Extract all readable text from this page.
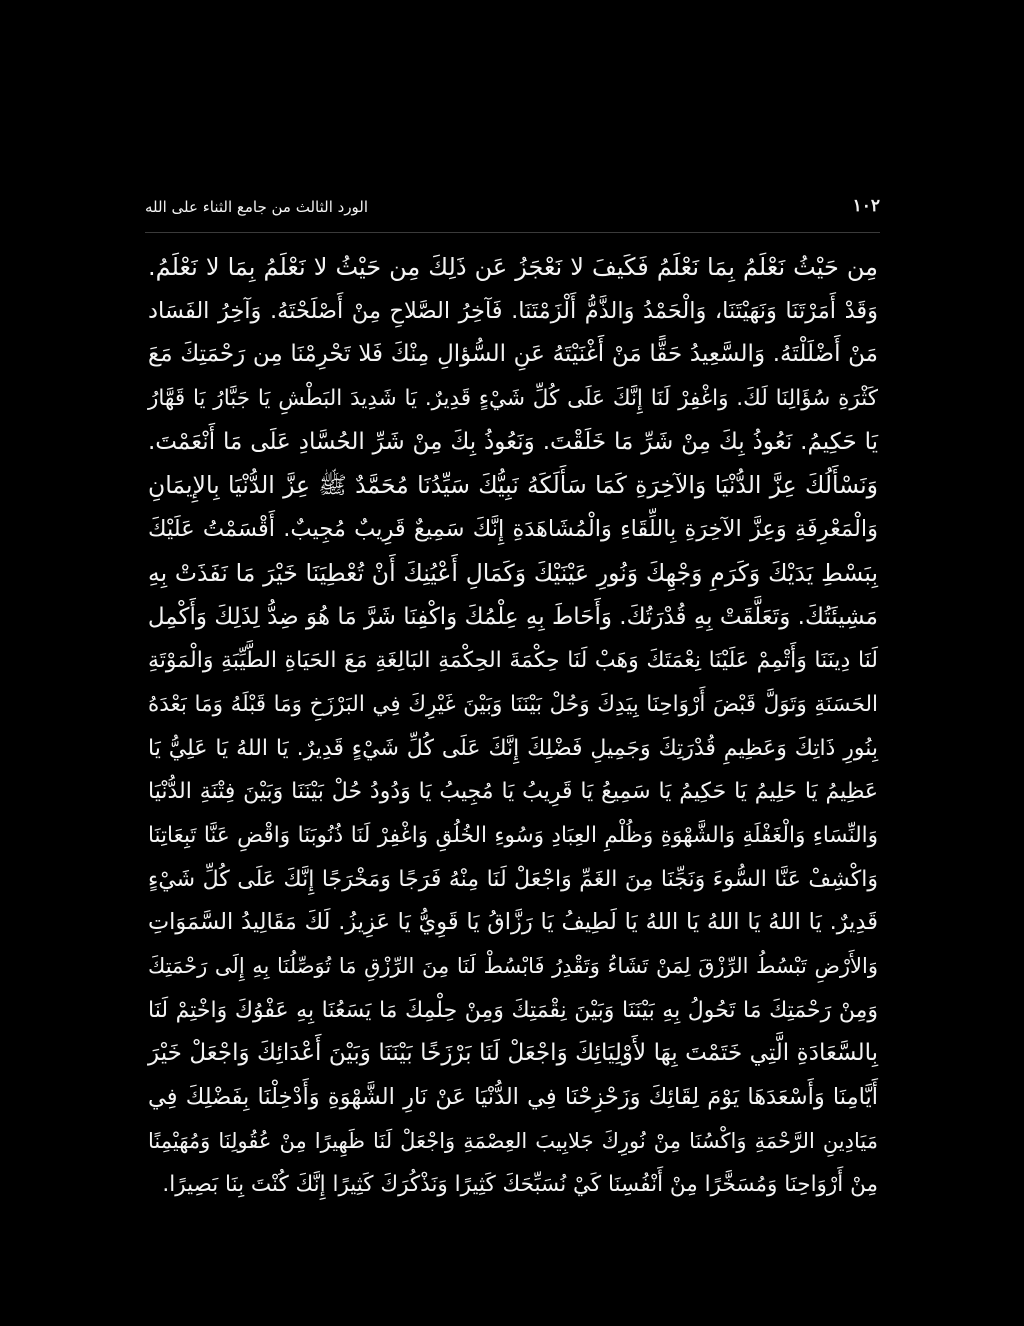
١٠٢
الورد الثالث من جامع الثناء على الله
مِن حَيْثُ نَعْلَمُ بِمَا نَعْلَمُ فَكَيفَ لا نَعْجَزُ عَن ذَلِكَ مِن حَيْثُ لا نَعْلَمُ بِمَا لا نَعْلَمُ.
وَقَدْ أَمَرْتَنَا وَنَهَيْتَنَا، وَالْحَمْدُ وَالذَّمُّ أَلْزَمْتَنَا. فَآخِرُ الصَّلاحِ مِنْ أَصْلَحْتَهُ. وَآخِرُ الفَسَاد
مَنْ أَضْلَلْتَهُ. وَالسَّعِيدُ حَقًّا مَنْ أَغْنَيْتَهُ عَنِ السُّؤالِ مِنْكَ فَلا تَحْرِمْنَا مِن رَحْمَتِكَ مَعَ
كَثْرَةِ سُؤَالِنَا لَكَ. وَاغْفِرْ لَنَا إِنَّكَ عَلَى كُلِّ شَيْءٍ قَدِيرٌ. يَا شَدِيدَ البَطْشِ يَا جَبَّارُ يَا قَهَّارُ
يَا حَكِيمُ. نَعُوذُ بِكَ مِنْ شَرِّ مَا خَلَقْتَ. وَنَعُوذُ بِكَ مِنْ شَرِّ الحُسَّادِ عَلَى مَا أَنْعَمْتَ.
وَنَسْأَلُكَ عِزَّ الدُّنْيَا وَالآخِرَةِ كَمَا سَأَلَكَهُ نَبِيُّكَ سَيِّدُنَا مُحَمَّدٌ ﷺ عِزَّ الدُّنْيَا بِالإِيمَانِ
وَالْمَعْرِفَةِ وَعِزَّ الآخِرَةِ بِاللِّقَاءِ وَالْمُشَاهَدَةِ إِنَّكَ سَمِيعٌ قَرِيبٌ مُجِيبٌ. أَقْسَمْتُ عَلَيْكَ
بِبَسْطِ يَدَيْكَ وَكَرَمِ وَجْهِكَ وَنُورِ عَيْنَيْكَ وَكَمَالِ أَعْيُنِكَ أَنْ تُعْطِيَنَا خَيْرَ مَا نَفَذَتْ بِهِ
مَشِيئَتُكَ. وَتَعَلَّقَتْ بِهِ قُدْرَتُكَ. وَأَحَاطَ بِهِ عِلْمُكَ وَاكْفِنَا شَرَّ مَا هُوَ ضِدُّ لِذَلِكَ وَأَكْمِل
لَنَا دِينَنَا وَأَتْمِمْ عَلَيْنَا نِعْمَتَكَ وَهَبْ لَنَا حِكْمَةَ الحِكْمَةِ البَالِغَةِ مَعَ الحَيَاةِ الطَّيِّبَةِ وَالْمَوْتَةِ
الحَسَنَةِ وَتَوَلَّ قَبْضَ أَرْوَاحِنَا بِيَدِكَ وَحُلْ بَيْنَنَا وَبَيْنَ غَيْرِكَ فِي البَرْزَخِ وَمَا قَبْلَهُ وَمَا بَعْدَهُ
بِنُورِ ذَاتِكَ وَعَظِيمِ قُدْرَتِكَ وَجَمِيلِ فَضْلِكَ إِنَّكَ عَلَى كُلِّ شَيْءٍ قَدِيرٌ. يَا اللهُ يَا عَلِيُّ يَا
عَظِيمُ يَا حَلِيمُ يَا حَكِيمُ يَا سَمِيعُ يَا قَرِيبُ يَا مُجِيبُ يَا وَدُودُ حُلْ بَيْنَنَا وَبَيْنَ فِتْنَةِ الدُّنْيَا
وَالنِّسَاءِ وَالْغَفْلَةِ وَالشَّهْوَةِ وَظُلْمِ العِبَادِ وَسُوءِ الخُلُقِ وَاغْفِرْ لَنَا ذُنُوبَنَا وَاقْضِ عَنَّا تَبِعَاتِنَا
وَاكْشِفْ عَنَّا السُّوءَ وَنَجِّنَا مِنَ الغَمِّ وَاجْعَلْ لَنَا مِنْهُ فَرَجًا وَمَخْرَجًا إِنَّكَ عَلَى كُلِّ شَيْءٍ
قَدِيرٌ. يَا اللهُ يَا اللهُ يَا اللهُ يَا لَطِيفُ يَا رَزَّاقُ يَا قَوِيُّ يَا عَزِيزُ. لَكَ مَقَالِيدُ السَّمَوَاتِ
وَالأَرْضِ تَبْسُطُ الرِّزْقَ لِمَنْ تَشَاءُ وَتَقْدِرُ فَابْسُطْ لَنَا مِنَ الرِّزْقِ مَا تُوَصِّلُنَا بِهِ إِلَى رَحْمَتِكَ
وَمِنْ رَحْمَتِكَ مَا تَحُولُ بِهِ بَيْنَنَا وَبَيْنَ نِقْمَتِكَ وَمِنْ حِلْمِكَ مَا يَسَعُنَا بِهِ عَفْوُكَ وَاخْتِمْ لَنَا
بِالسَّعَادَةِ الَّتِي خَتَمْتَ بِهَا لأَوْلِيَائِكَ وَاجْعَلْ لَنَا بَرْزَخًا بَيْنَنَا وَبَيْنَ أَعْدَائِكَ وَاجْعَلْ خَيْرَ
أَيَّامِنَا وَأَسْعَدَهَا يَوْمَ لِقَائِكَ وَزَحْزِحْنَا فِي الدُّنْيَا عَنْ نَارِ الشَّهْوَةِ وَأَدْخِلْنَا بِفَضْلِكَ فِي
مَيَادِينِ الرَّحْمَةِ وَاكْسُنَا مِنْ نُورِكَ جَلابِيبَ العِصْمَةِ وَاجْعَلْ لَنَا ظَهِيرًا مِنْ عُقُولِنَا وَمُهَيْمِنًا
مِنْ أَرْوَاحِنَا وَمُسَخَّرًا مِنْ أَنْفُسِنَا كَيْ نُسَبِّحَكَ كَثِيرًا وَنَذْكُرَكَ كَثِيرًا إِنَّكَ كُنْتَ بِنَا بَصِيرًا.
